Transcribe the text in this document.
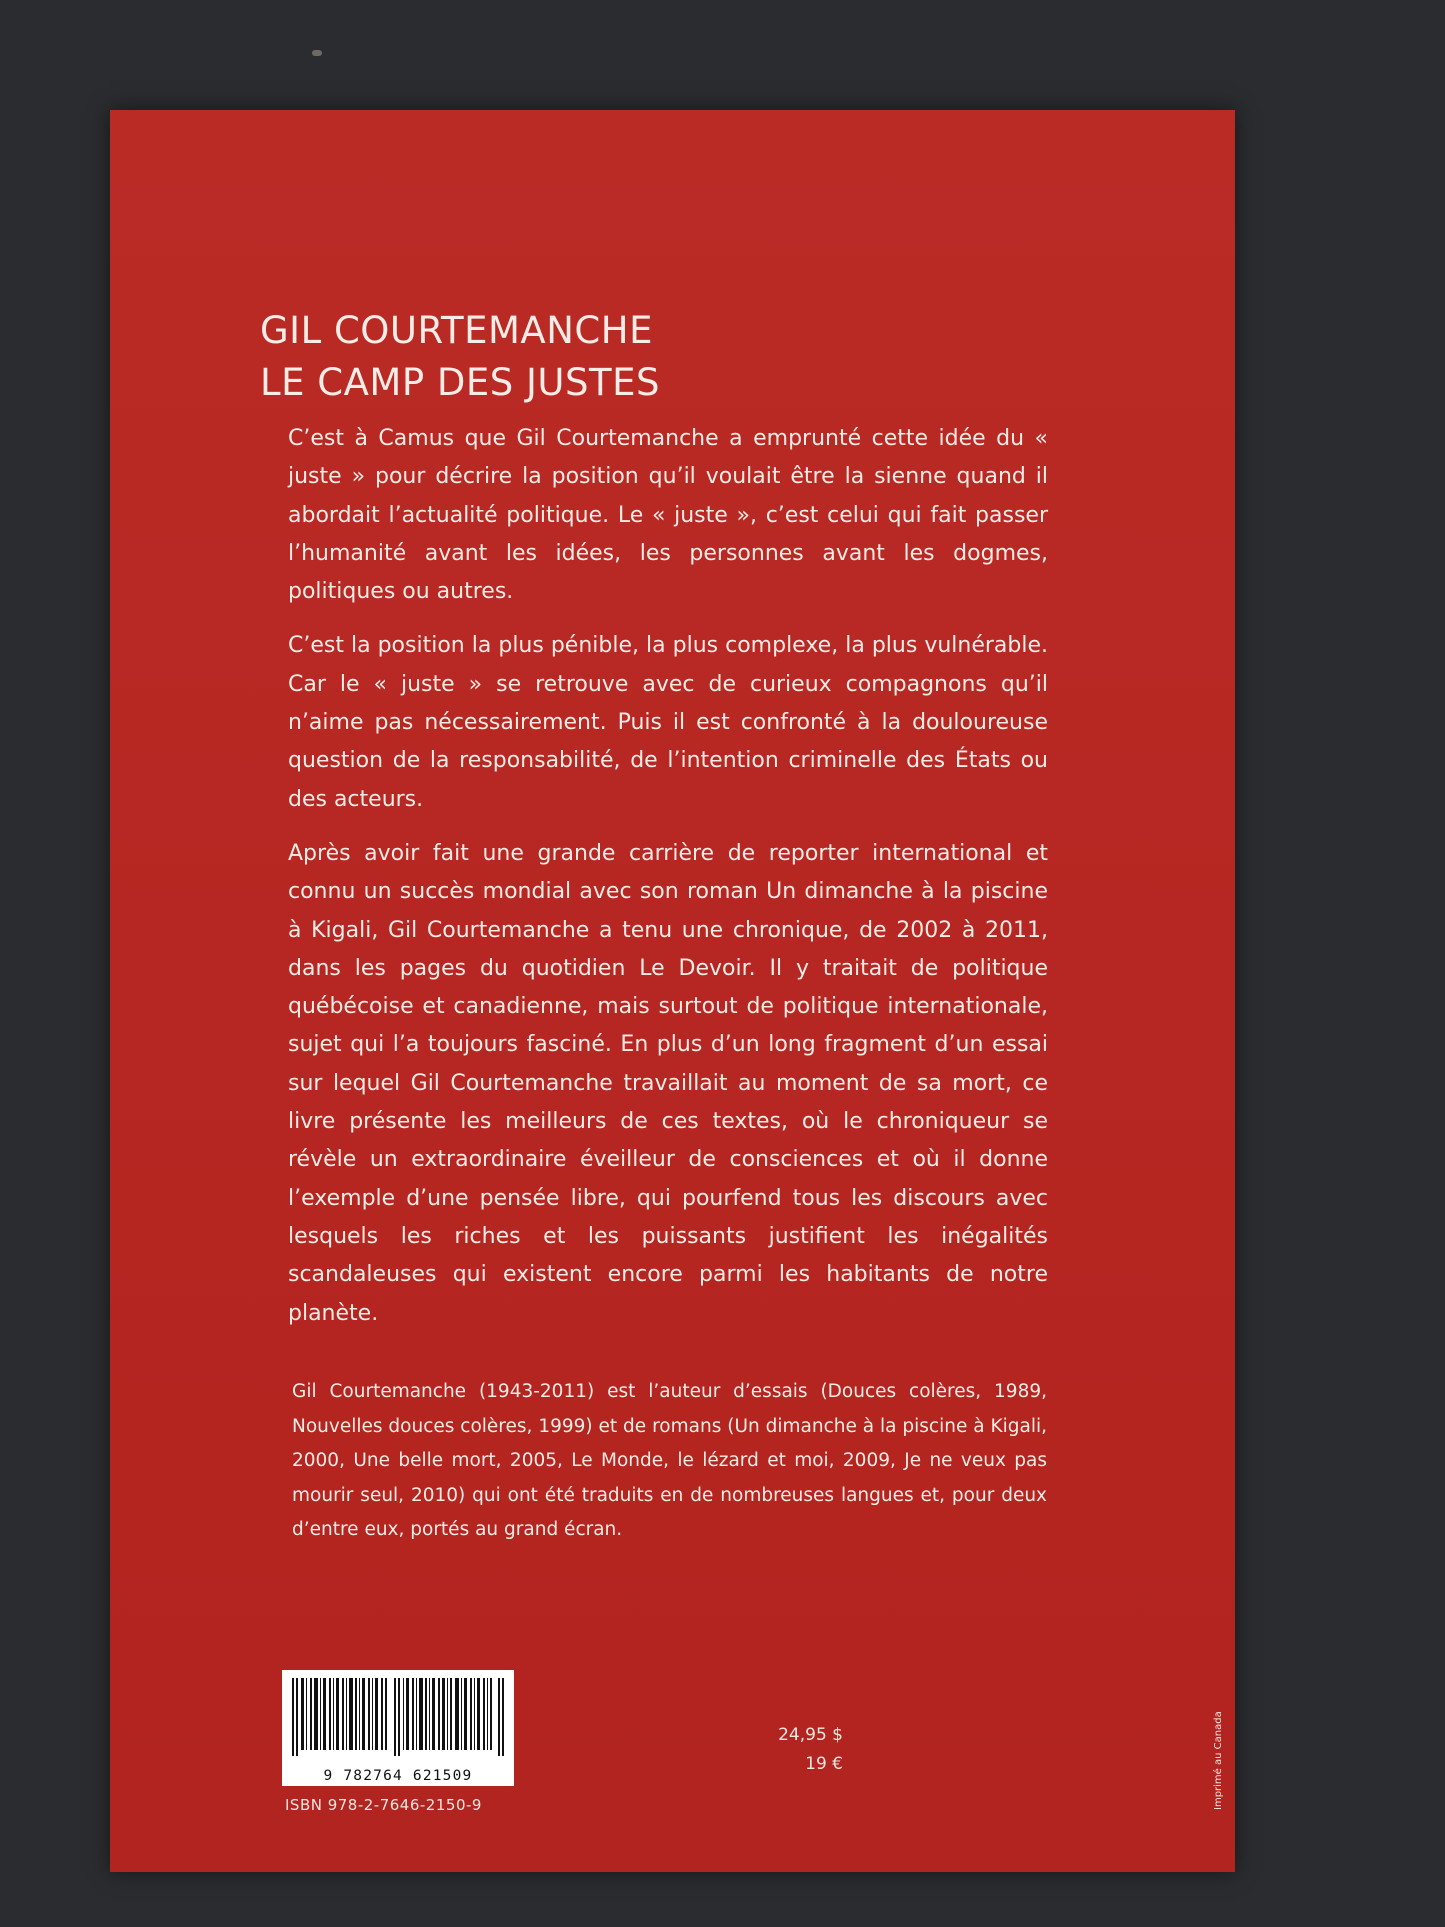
GIL COURTEMANCHE
LE CAMP DES JUSTES

C’est à Camus que Gil Courtemanche a emprunté cette idée du « juste » pour décrire la position qu’il voulait être la sienne quand il abordait l’actualité politique. Le « juste », c’est celui qui fait passer l’humanité avant les idées, les personnes avant les dogmes, politiques ou autres.

C’est la position la plus pénible, la plus complexe, la plus vulnérable. Car le « juste » se retrouve avec de curieux compagnons qu’il n’aime pas nécessairement. Puis il est confronté à la douloureuse question de la responsabilité, de l’intention criminelle des États ou des acteurs.

Après avoir fait une grande carrière de reporter international et connu un succès mondial avec son roman Un dimanche à la piscine à Kigali, Gil Courtemanche a tenu une chronique, de 2002 à 2011, dans les pages du quotidien Le Devoir. Il y traitait de politique québécoise et canadienne, mais surtout de politique internationale, sujet qui l’a toujours fasciné. En plus d’un long fragment d’un essai sur lequel Gil Courtemanche travaillait au moment de sa mort, ce livre présente les meilleurs de ces textes, où le chroniqueur se révèle un extraordinaire éveilleur de consciences et où il donne l’exemple d’une pensée libre, qui pourfend tous les discours avec lesquels les riches et les puissants justifient les inégalités scandaleuses qui existent encore parmi les habitants de notre planète.

Gil Courtemanche (1943-2011) est l’auteur d’essais (Douces colères, 1989, Nouvelles douces colères, 1999) et de romans (Un dimanche à la piscine à Kigali, 2000, Une belle mort, 2005, Le Monde, le lézard et moi, 2009, Je ne veux pas mourir seul, 2010) qui ont été traduits en de nombreuses langues et, pour deux d’entre eux, portés au grand écran.
9 782764 621509
ISBN 978-2-7646-2150-9
24,95 $
19 €	Imprimé au Canada
